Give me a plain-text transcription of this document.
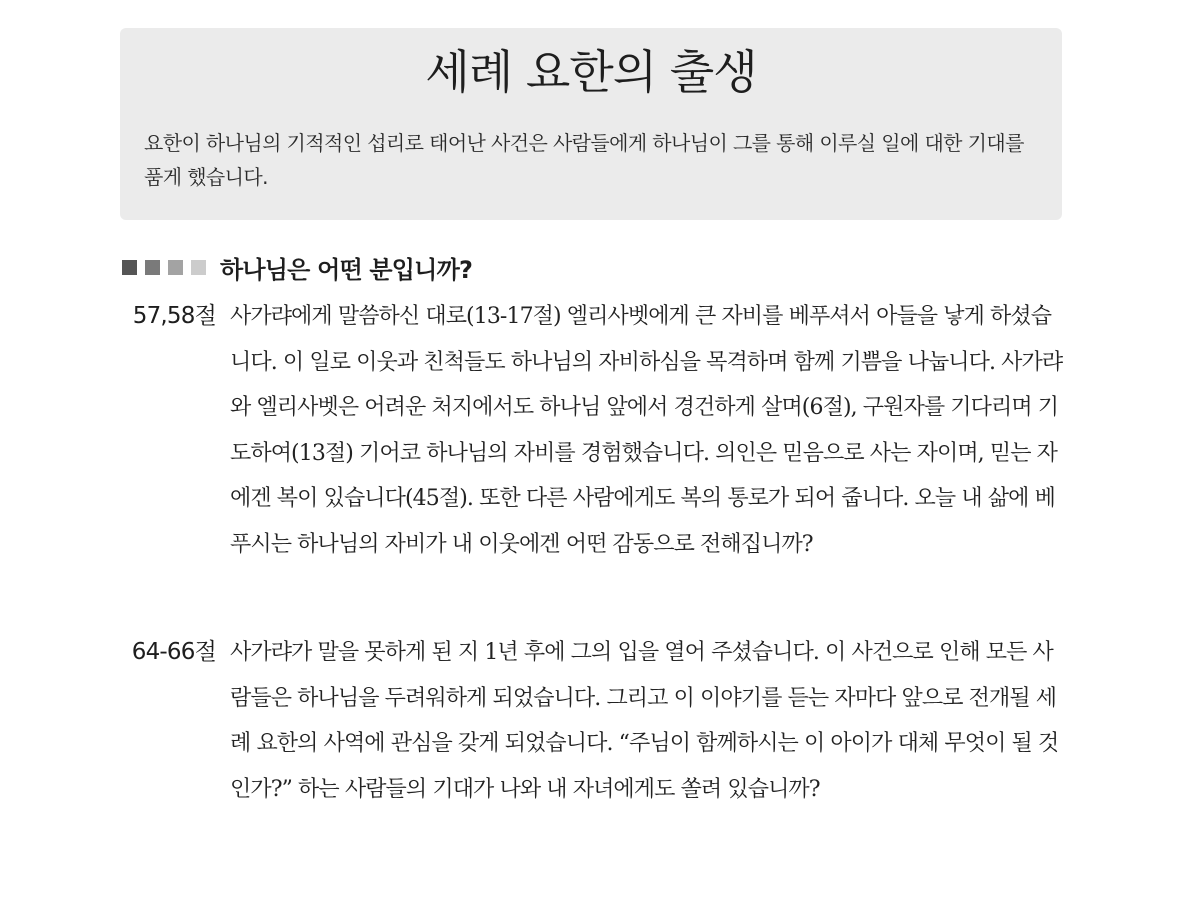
세례 요한의 출생

요한이 하나님의 기적적인 섭리로 태어난 사건은 사람들에게 하나님이 그를 통해 이루실 일에 대한 기대를 품게 했습니다.

하나님은 어떤 분입니까?
57,58절 사가랴에게 말씀하신 대로(13-17절) 엘리사벳에게 큰 자비를 베푸셔서 아들을 낳게 하셨습니다. 이 일로 이웃과 친척들도 하나님의 자비하심을 목격하며 함께 기쁨을 나눕니다. 사가랴와 엘리사벳은 어려운 처지에서도 하나님 앞에서 경건하게 살며(6절), 구원자를 기다리며 기도하여(13절) 기어코 하나님의 자비를 경험했습니다. 의인은 믿음으로 사는 자이며, 믿는 자에겐 복이 있습니다(45절). 또한 다른 사람에게도 복의 통로가 되어 줍니다. 오늘 내 삶에 베푸시는 하나님의 자비가 내 이웃에겐 어떤 감동으로 전해집니까?

64-66절 사가랴가 말을 못하게 된 지 1년 후에 그의 입을 열어 주셨습니다. 이 사건으로 인해 모든 사람들은 하나님을 두려워하게 되었습니다. 그리고 이 이야기를 듣는 자마다 앞으로 전개될 세례 요한의 사역에 관심을 갖게 되었습니다. “주님이 함께하시는 이 아이가 대체 무엇이 될 것인가?” 하는 사람들의 기대가 나와 내 자녀에게도 쏠려 있습니까?
